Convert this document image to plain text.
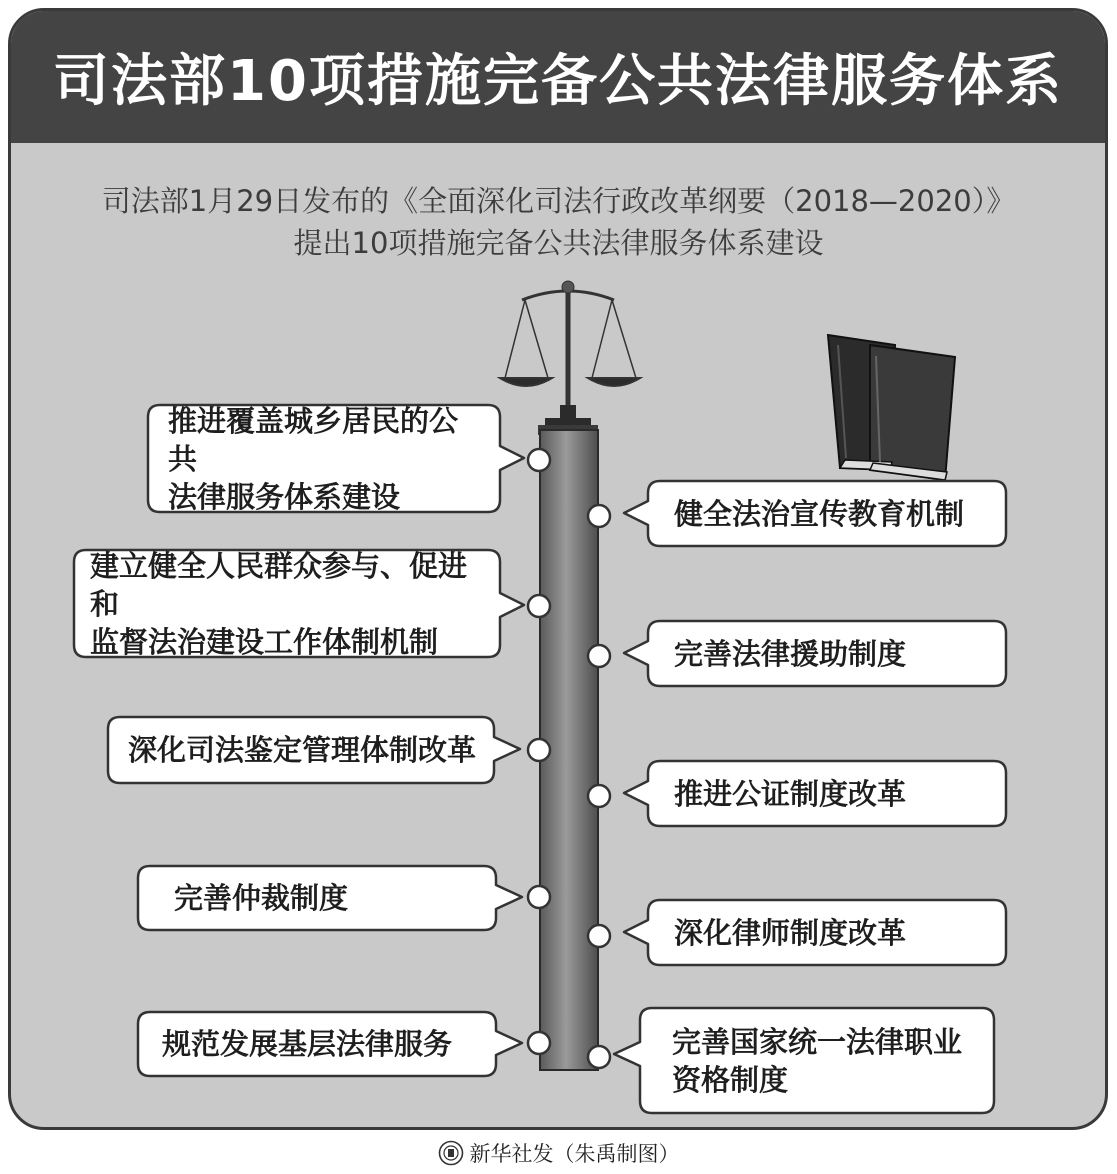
司法部10项措施完备公共法律服务体系
司法部1月29日发布的《全面深化司法行政改革纲要（2018—2020）》
提出10项措施完备公共法律服务体系建设
推进覆盖城乡居民的公共
法律服务体系建设
建立健全人民群众参与、促进和
监督法治建设工作体制机制
深化司法鉴定管理体制改革
完善仲裁制度
规范发展基层法律服务
健全法治宣传教育机制
完善法律援助制度
推进公证制度改革
深化律师制度改革
完善国家统一法律职业
资格制度
新华社发（朱禹制图）
